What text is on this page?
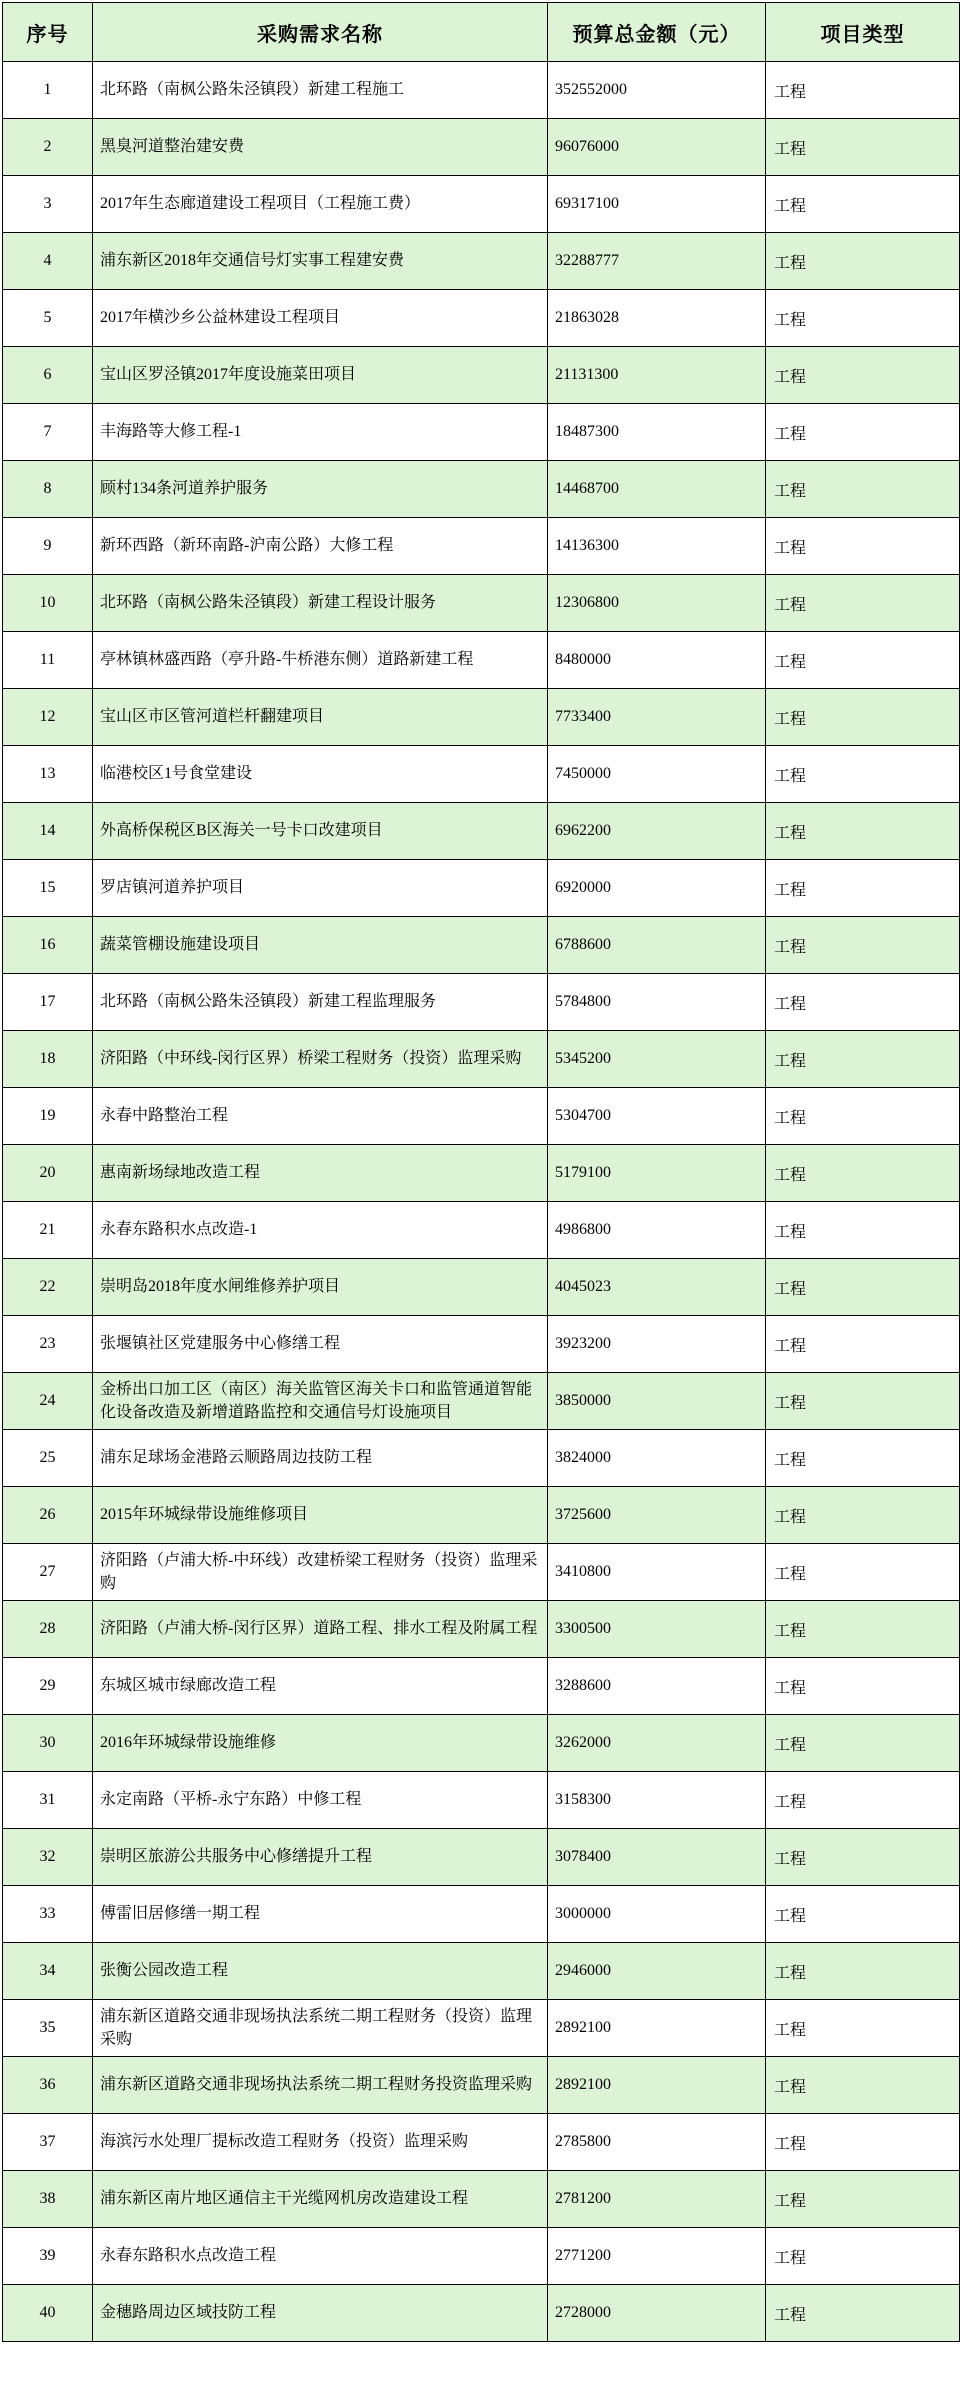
序号	采购需求名称	预算总金额（元）	项目类型
1	北环路（南枫公路朱泾镇段）新建工程施工	352552000	工程
2	黑臭河道整治建安费	96076000	工程
3	2017年生态廊道建设工程项目（工程施工费）	69317100	工程
4	浦东新区2018年交通信号灯实事工程建安费	32288777	工程
5	2017年横沙乡公益林建设工程项目	21863028	工程
6	宝山区罗泾镇2017年度设施菜田项目	21131300	工程
7	丰海路等大修工程-1	18487300	工程
8	顾村134条河道养护服务	14468700	工程
9	新环西路（新环南路-沪南公路）大修工程	14136300	工程
10	北环路（南枫公路朱泾镇段）新建工程设计服务	12306800	工程
11	亭林镇林盛西路（亭升路-牛桥港东侧）道路新建工程	8480000	工程
12	宝山区市区管河道栏杆翻建项目	7733400	工程
13	临港校区1号食堂建设	7450000	工程
14	外高桥保税区B区海关一号卡口改建项目	6962200	工程
15	罗店镇河道养护项目	6920000	工程
16	蔬菜管棚设施建设项目	6788600	工程
17	北环路（南枫公路朱泾镇段）新建工程监理服务	5784800	工程
18	济阳路（中环线-闵行区界）桥梁工程财务（投资）监理采购	5345200	工程
19	永春中路整治工程	5304700	工程
20	惠南新场绿地改造工程	5179100	工程
21	永春东路积水点改造-1	4986800	工程
22	崇明岛2018年度水闸维修养护项目	4045023	工程
23	张堰镇社区党建服务中心修缮工程	3923200	工程
24	金桥出口加工区（南区）海关监管区海关卡口和监管通道智能化设备改造及新增道路监控和交通信号灯设施项目	3850000	工程
25	浦东足球场金港路云顺路周边技防工程	3824000	工程
26	2015年环城绿带设施维修项目	3725600	工程
27	济阳路（卢浦大桥-中环线）改建桥梁工程财务（投资）监理采购	3410800	工程
28	济阳路（卢浦大桥-闵行区界）道路工程、排水工程及附属工程	3300500	工程
29	东城区城市绿廊改造工程	3288600	工程
30	2016年环城绿带设施维修	3262000	工程
31	永定南路（平桥-永宁东路）中修工程	3158300	工程
32	崇明区旅游公共服务中心修缮提升工程	3078400	工程
33	傅雷旧居修缮一期工程	3000000	工程
34	张衡公园改造工程	2946000	工程
35	浦东新区道路交通非现场执法系统二期工程财务（投资）监理采购	2892100	工程
36	浦东新区道路交通非现场执法系统二期工程财务投资监理采购	2892100	工程
37	海滨污水处理厂提标改造工程财务（投资）监理采购	2785800	工程
38	浦东新区南片地区通信主干光缆网机房改造建设工程	2781200	工程
39	永春东路积水点改造工程	2771200	工程
40	金穗路周边区域技防工程	2728000	工程
